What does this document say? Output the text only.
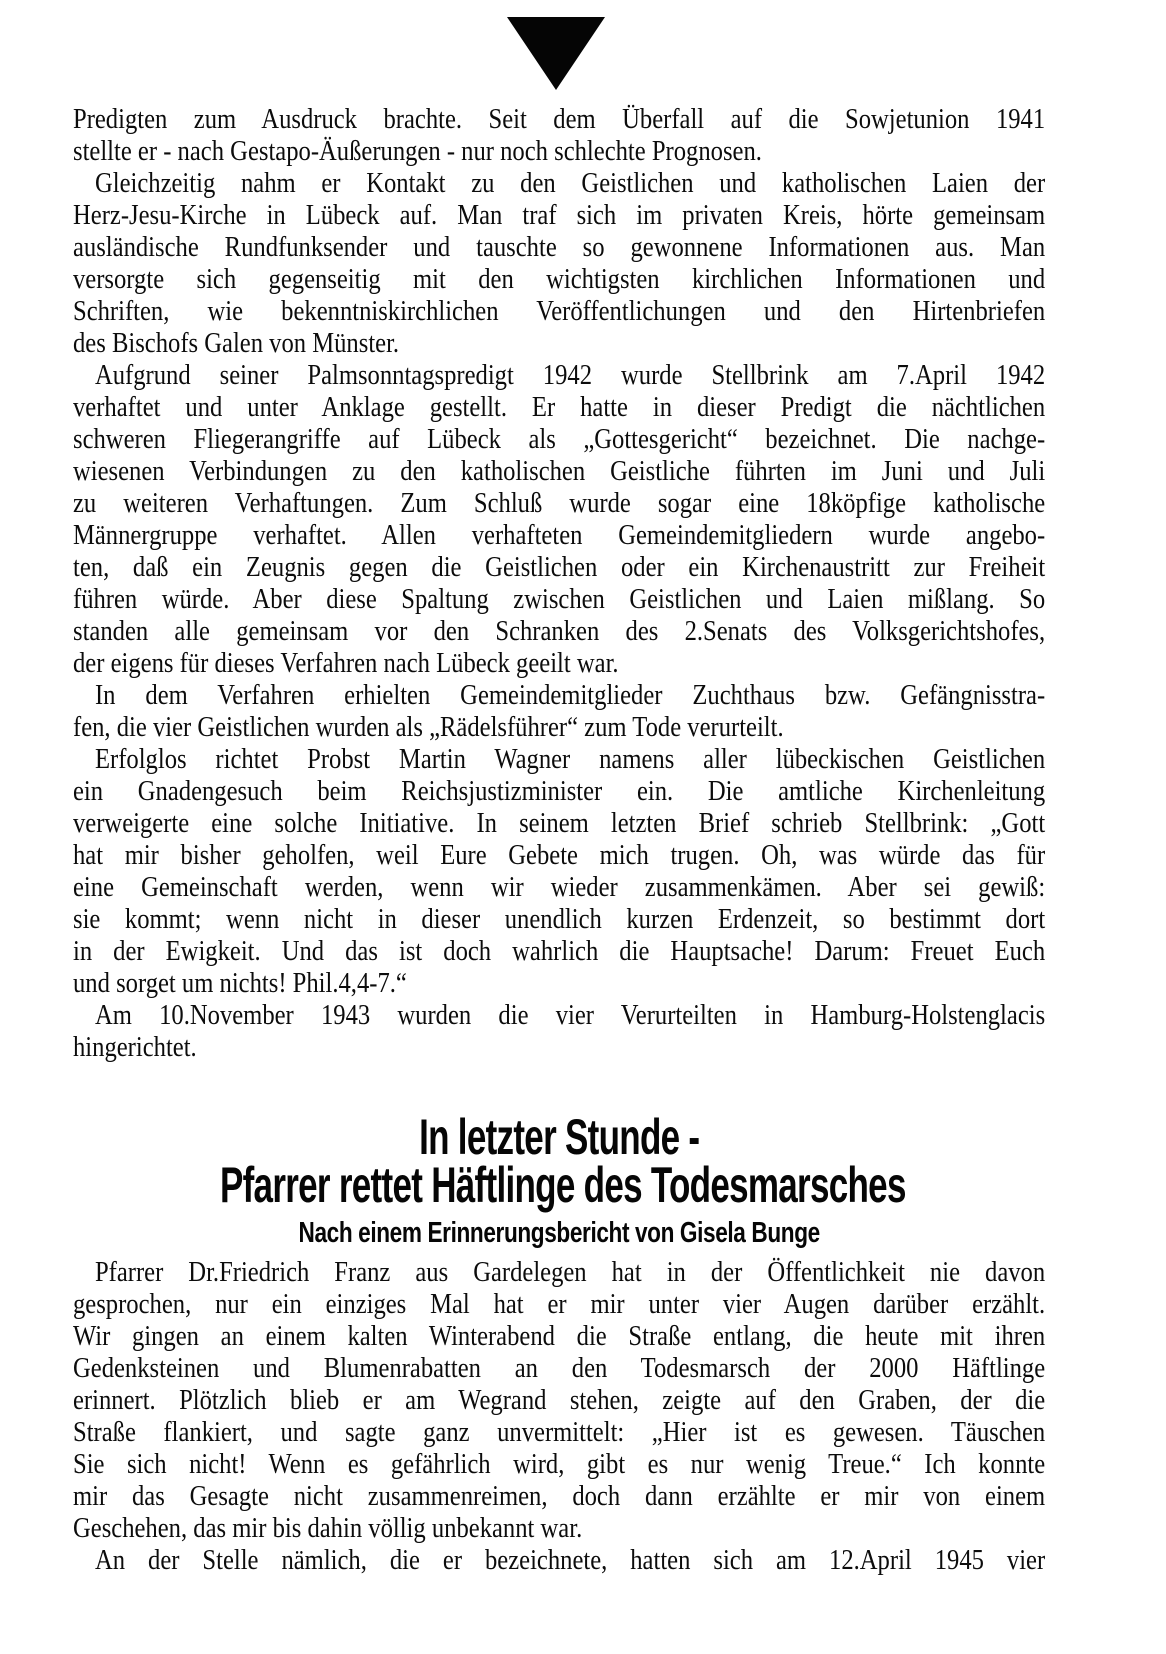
Predigten zum Ausdruck brachte. Seit dem Überfall auf die Sowjetunion 1941
stellte er - nach Gestapo-Äußerungen - nur noch schlechte Prognosen.
Gleichzeitig nahm er Kontakt zu den Geistlichen und katholischen Laien der
Herz-Jesu-Kirche in Lübeck auf. Man traf sich im privaten Kreis, hörte gemeinsam
ausländische Rundfunksender und tauschte so gewonnene Informationen aus. Man
versorgte sich gegenseitig mit den wichtigsten kirchlichen Informationen und
Schriften, wie bekenntniskirchlichen Veröffentlichungen und den Hirtenbriefen
des Bischofs Galen von Münster.
Aufgrund seiner Palmsonntagspredigt 1942 wurde Stellbrink am 7.April 1942
verhaftet und unter Anklage gestellt. Er hatte in dieser Predigt die nächtlichen
schweren Fliegerangriffe auf Lübeck als „Gottesgericht“ bezeichnet. Die nachge-
wiesenen Verbindungen zu den katholischen Geistliche führten im Juni und Juli
zu weiteren Verhaftungen. Zum Schluß wurde sogar eine 18köpfige katholische
Männergruppe verhaftet. Allen verhafteten Gemeindemitgliedern wurde angebo-
ten, daß ein Zeugnis gegen die Geistlichen oder ein Kirchenaustritt zur Freiheit
führen würde. Aber diese Spaltung zwischen Geistlichen und Laien mißlang. So
standen alle gemeinsam vor den Schranken des 2.Senats des Volksgerichtshofes,
der eigens für dieses Verfahren nach Lübeck geeilt war.
In dem Verfahren erhielten Gemeindemitglieder Zuchthaus bzw. Gefängnisstra-
fen, die vier Geistlichen wurden als „Rädelsführer“ zum Tode verurteilt.
Erfolglos richtet Probst Martin Wagner namens aller lübeckischen Geistlichen
ein Gnadengesuch beim Reichsjustizminister ein. Die amtliche Kirchenleitung
verweigerte eine solche Initiative. In seinem letzten Brief schrieb Stellbrink: „Gott
hat mir bisher geholfen, weil Eure Gebete mich trugen. Oh, was würde das für
eine Gemeinschaft werden, wenn wir wieder zusammenkämen. Aber sei gewiß:
sie kommt; wenn nicht in dieser unendlich kurzen Erdenzeit, so bestimmt dort
in der Ewigkeit. Und das ist doch wahrlich die Hauptsache! Darum: Freuet Euch
und sorget um nichts! Phil.4,4-7.“
Am 10.November 1943 wurden die vier Verurteilten in Hamburg-Holstenglacis
hingerichtet.
In letzter Stunde -
Pfarrer rettet Häftlinge des Todesmarsches
Nach einem Erinnerungsbericht von Gisela Bunge
Pfarrer Dr.Friedrich Franz aus Gardelegen hat in der Öffentlichkeit nie davon
gesprochen, nur ein einziges Mal hat er mir unter vier Augen darüber erzählt.
Wir gingen an einem kalten Winterabend die Straße entlang, die heute mit ihren
Gedenksteinen und Blumenrabatten an den Todesmarsch der 2000 Häftlinge
erinnert. Plötzlich blieb er am Wegrand stehen, zeigte auf den Graben, der die
Straße flankiert, und sagte ganz unvermittelt: „Hier ist es gewesen. Täuschen
Sie sich nicht! Wenn es gefährlich wird, gibt es nur wenig Treue.“ Ich konnte
mir das Gesagte nicht zusammenreimen, doch dann erzählte er mir von einem
Geschehen, das mir bis dahin völlig unbekannt war.
An der Stelle nämlich, die er bezeichnete, hatten sich am 12.April 1945 vier
